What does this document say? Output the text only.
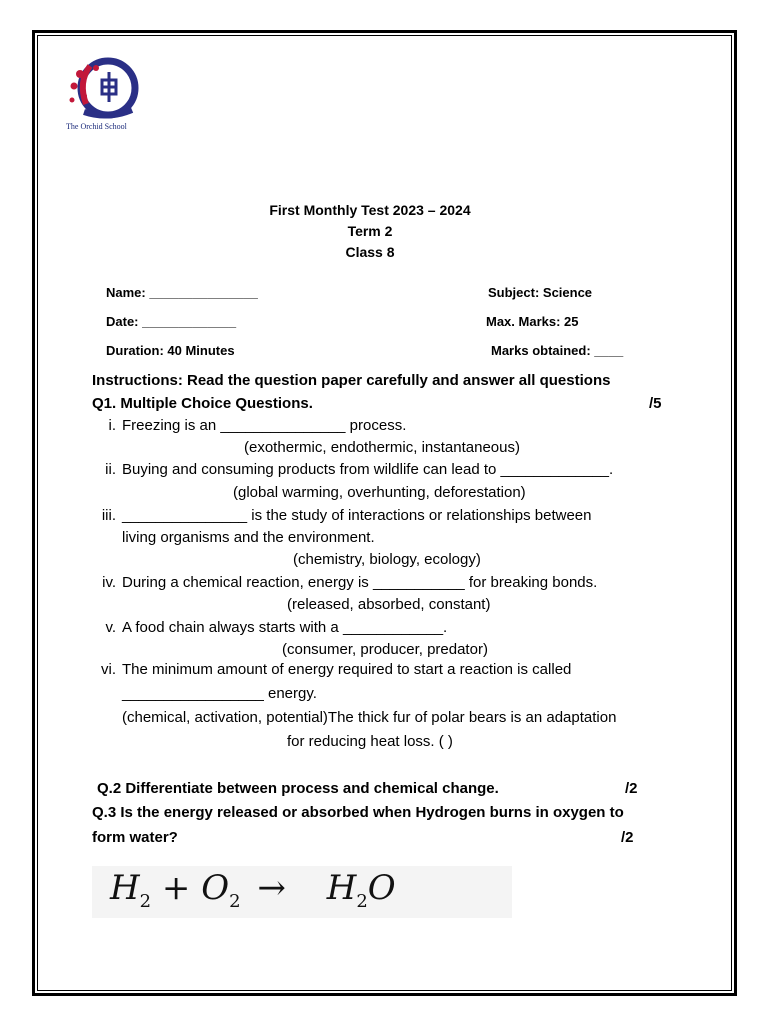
The Orchid School
First Monthly Test 2023 – 2024
Term 2
Class 8
Name: _______________	Subject: Science
Date: _____________	Max. Marks: 25
Duration: 40 Minutes	Marks obtained: ____
Instructions: Read the question paper carefully and answer all questions
Q1. Multiple Choice Questions.	/5
i. Freezing is an _______________ process.
(exothermic, endothermic, instantaneous)
ii. Buying and consuming products from wildlife can lead to _____________.
(global warming, overhunting, deforestation)
iii. _______________ is the study of interactions or relationships between
living organisms and the environment.
(chemistry, biology, ecology)
iv. During a chemical reaction, energy is ___________ for breaking bonds.
(released, absorbed, constant)
v. A food chain always starts with a ____________.
(consumer, producer, predator)
vi. The minimum amount of energy required to start a reaction is called
_________________ energy.
(chemical, activation, potential)The thick fur of polar bears is an adaptation
for reducing heat loss. ( )
Q.2 Differentiate between process and chemical change.	/2
Q.3 Is the energy released or absorbed when Hydrogen burns in oxygen to
form water?	/2
$H_2 + O_2 \to H_2O$
